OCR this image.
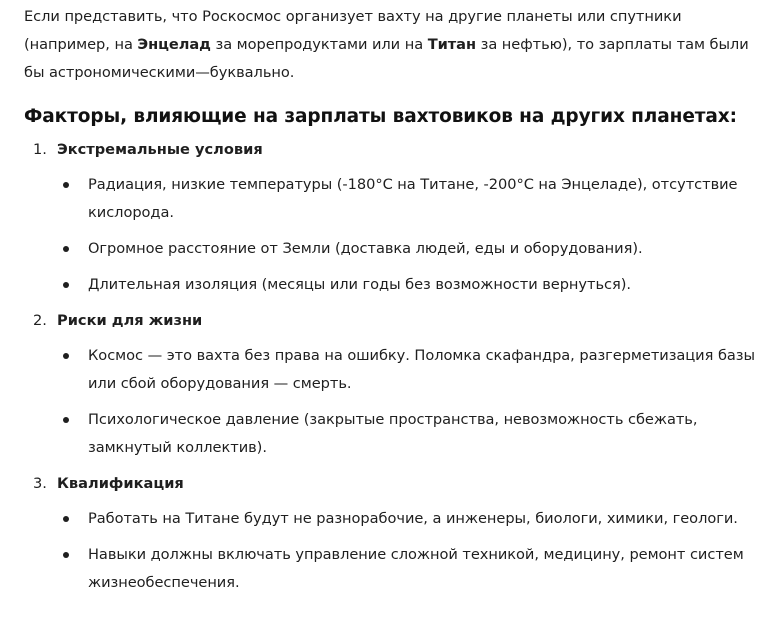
Если представить, что Роскосмос организует вахту на другие планеты или спутники (например, на Энцелад за морепродуктами или на Титан за нефтью), то зарплаты там были бы астрономическими—буквально.

Факторы, влияющие на зарплаты вахтовиков на других планетах:
1. Экстремальные условия
Радиация, низкие температуры (-180°C на Титане, -200°C на Энцеладе), отсутствие кислорода.
Огромное расстояние от Земли (доставка людей, еды и оборудования).
Длительная изоляция (месяцы или годы без возможности вернуться).
2. Риски для жизни
Космос — это вахта без права на ошибку. Поломка скафандра, разгерметизация базы или сбой оборудования — смерть.
Психологическое давление (закрытые пространства, невозможность сбежать, замкнутый коллектив).
3. Квалификация
Работать на Титане будут не разнорабочие, а инженеры, биологи, химики, геологи.
Навыки должны включать управление сложной техникой, медицину, ремонт систем жизнеобеспечения.
